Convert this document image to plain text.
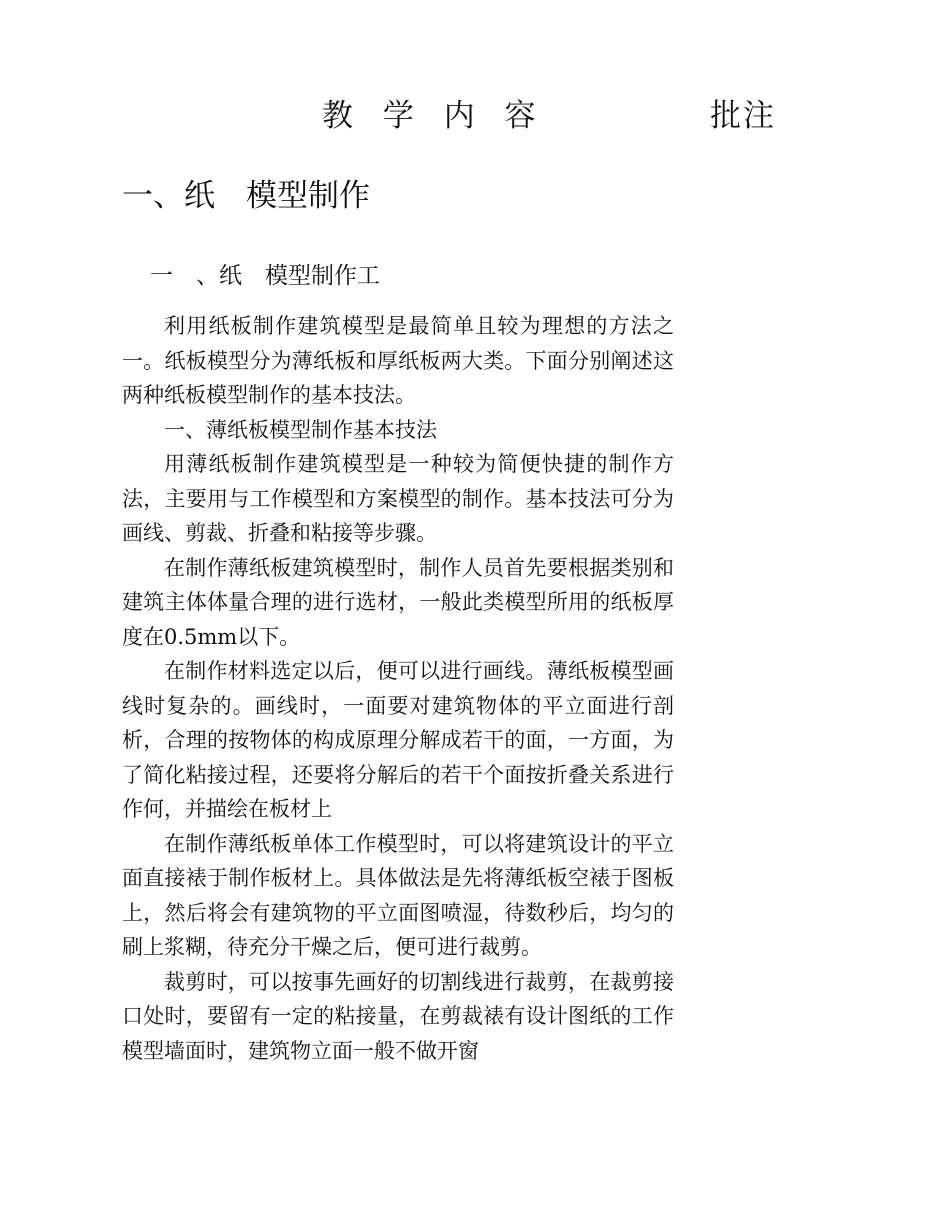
教 学 内 容	批注
一、纸　模型制作
一　、纸　模型制作工

利用纸板制作建筑模型是最简单且较为理想的方法之一。纸板模型分为薄纸板和厚纸板两大类。下面分别阐述这两种纸板模型制作的基本技法。

一、薄纸板模型制作基本技法

用薄纸板制作建筑模型是一种较为简便快捷的制作方法，主要用与工作模型和方案模型的制作。基本技法可分为画线、剪裁、折叠和粘接等步骤。

在制作薄纸板建筑模型时，制作人员首先要根据类别和建筑主体体量合理的进行选材，一般此类模型所用的纸板厚度在0.5mm以下。

在制作材料选定以后，便可以进行画线。薄纸板模型画线时复杂的。画线时，一面要对建筑物体的平立面进行剖析，合理的按物体的构成原理分解成若干的面，一方面，为了简化粘接过程，还要将分解后的若干个面按折叠关系进行作何，并描绘在板材上

在制作薄纸板单体工作模型时，可以将建筑设计的平立面直接裱于制作板材上。具体做法是先将薄纸板空裱于图板上，然后将会有建筑物的平立面图喷湿，待数秒后，均匀的刷上浆糊，待充分干燥之后，便可进行裁剪。

裁剪时，可以按事先画好的切割线进行裁剪，在裁剪接口处时，要留有一定的粘接量，在剪裁裱有设计图纸的工作模型墙面时，建筑物立面一般不做开窗
